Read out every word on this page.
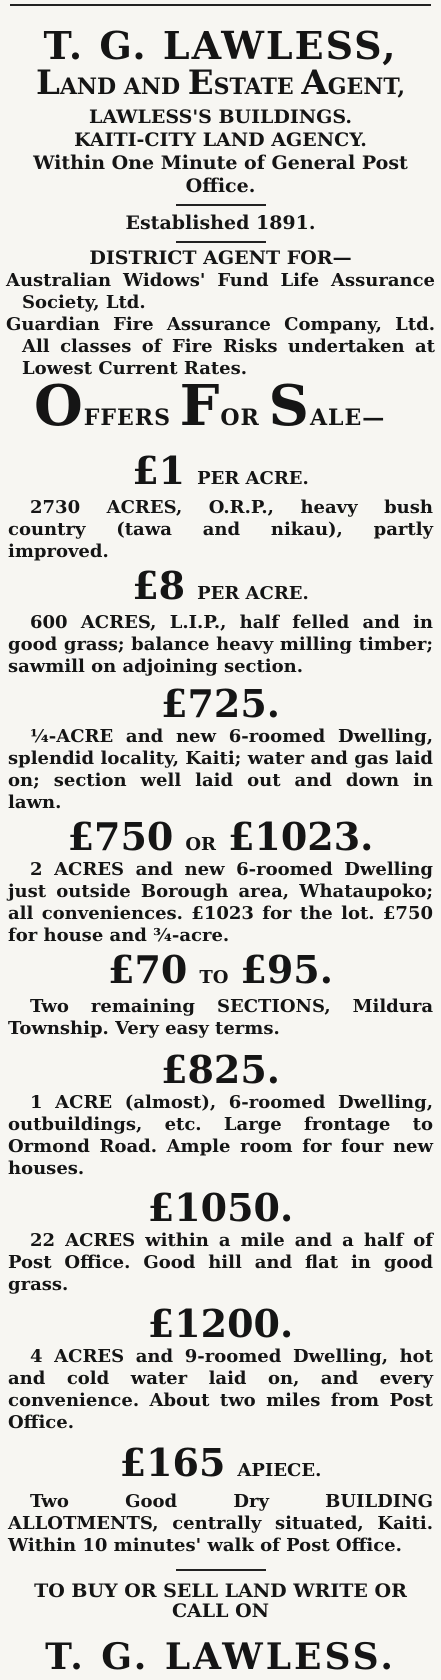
T. G. LAWLESS,
LAND AND ESTATE AGENT,
LAWLESS'S BUILDINGS.
KAITI-CITY LAND AGENCY.
Within One Minute of General Post Office.
Established 1891.
DISTRICT AGENT FOR—
Australian Widows' Fund Life Assurance Society, Ltd.
Guardian Fire Assurance Company, Ltd. All classes of Fire Risks undertaken at Lowest Current Rates.
OFFERS FOR SALE—
£1 PER ACRE.
2730 ACRES, O.R.P., heavy bush country (tawa and nikau), partly improved.
£8 PER ACRE.
600 ACRES, L.I.P., half felled and in good grass; balance heavy milling timber; sawmill on adjoining section.
£725.
¼-ACRE and new 6-roomed Dwelling, splendid locality, Kaiti; water and gas laid on; section well laid out and down in lawn.
£750 OR £1023.
2 ACRES and new 6-roomed Dwelling just outside Borough area, Whataupoko; all conveniences. £1023 for the lot. £750 for house and ¾-acre.
£70 TO £95.
Two remaining SECTIONS, Mildura Township. Very easy terms.
£825.
1 ACRE (almost), 6-roomed Dwelling, outbuildings, etc. Large frontage to Ormond Road. Ample room for four new houses.
£1050.
22 ACRES within a mile and a half of Post Office. Good hill and flat in good grass.
£1200.
4 ACRES and 9-roomed Dwelling, hot and cold water laid on, and every convenience. About two miles from Post Office.
£165 APIECE.
Two Good Dry BUILDING ALLOTMENTS, centrally situated, Kaiti. Within 10 minutes' walk of Post Office.
TO BUY OR SELL LAND WRITE OR CALL ON
T. G. LAWLESS.
